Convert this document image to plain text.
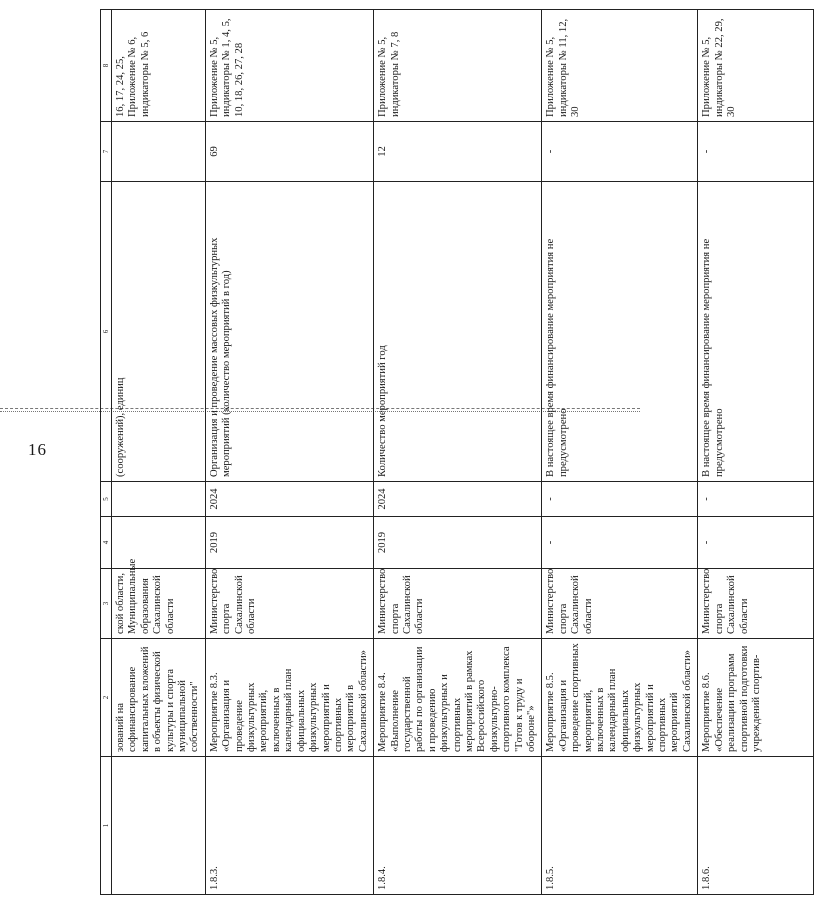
16
1	2	3	4	5	6	7	8
	зований на софинансирование капитальных вложений в объекты физической культуры и спорта муниципальной собственности"	ской области, Муниципальные образования Сахалинской области			(сооружений), единиц		16, 17, 24, 25, Приложение № 6, индикаторы № 5, 6
1.8.3.	Мероприятие 8.3. «Организация и проведение физкультурных мероприятий, включенных в календарный план официальных физкультурных мероприятий и спортивных мероприятий в Сахалинской области»	Министерство спорта Сахалинской области	2019	2024	Организация и проведение массовых физкультурных мероприятий (количество мероприятий в год)	69	Приложение № 5, индикаторы № 1, 4, 5, 10, 18, 26, 27, 28
1.8.4.	Мероприятие 8.4. «Выполнение государственной работы по организации и проведению физкультурных и спортивных мероприятий в рамках Всероссийского физкультурно-спортивного комплекса "Готов к труду и обороне"»	Министерство спорта Сахалинской области	2019	2024	Количество мероприятий год	12	Приложение № 5, индикаторы № 7, 8
1.8.5.	Мероприятие 8.5. «Организация и проведение спортивных мероприятий, включенных в календарный план официальных физкультурных мероприятий и спортивных мероприятий Сахалинской области»	Министерство спорта Сахалинской области	-	-	В настоящее время финансирование мероприятия не предусмотрено	-	Приложение № 5, индикаторы № 11, 12, 30
1.8.6.	Мероприятие 8.6. «Обеспечение реализации программ спортивной подготовки учреждений спортив-	Министерство спорта Сахалинской области	-	-	В настоящее время финансирование мероприятия не предусмотрено	-	Приложение № 5, индикаторы № 22, 29, 30
